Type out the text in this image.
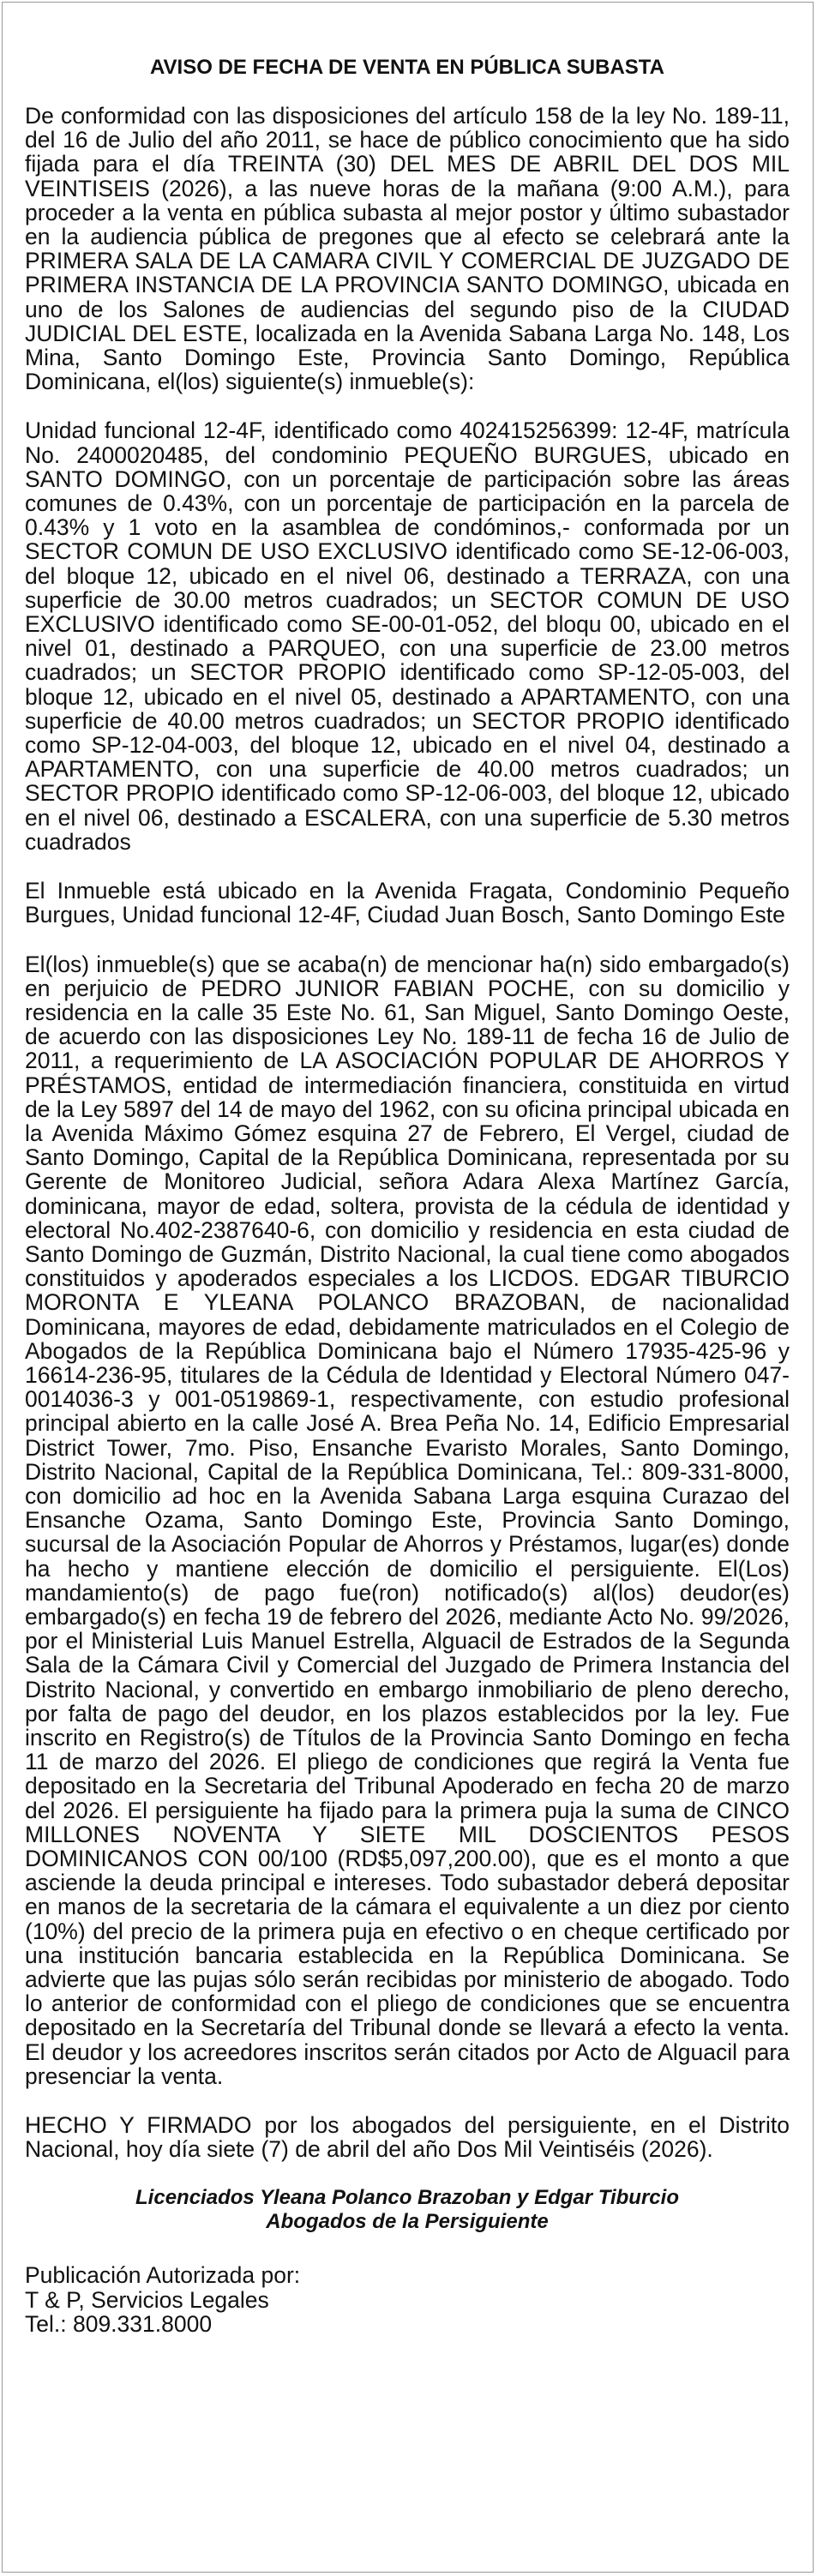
AVISO DE FECHA DE VENTA EN PÚBLICA SUBASTA

De conformidad con las disposiciones del artículo 158 de la ley No. 189-11, del 16 de Julio del año 2011, se hace de público conocimiento que ha sido fijada para el día TREINTA (30) DEL MES DE ABRIL DEL DOS MIL VEINTISEIS (2026), a las nueve horas de la mañana (9:00 A.M.), para proceder a la venta en pública subasta al mejor postor y último subastador en la audiencia pública de pregones que al efecto se celebrará ante la PRIMERA SALA DE LA CAMARA CIVIL Y COMERCIAL DE JUZGADO DE PRIMERA INSTANCIA DE LA PROVINCIA SANTO DOMINGO, ubicada en uno de los Salones de audiencias del segundo piso de la CIUDAD JUDICIAL DEL ESTE, localizada en la Avenida Sabana Larga No. 148, Los Mina, Santo Domingo Este, Provincia Santo Domingo, República Dominicana, el(los) siguiente(s) inmueble(s):

Unidad funcional 12-4F, identificado como 402415256399: 12-4F, matrícula No. 2400020485, del condominio PEQUEÑO BURGUES, ubicado en SANTO DOMINGO, con un porcentaje de participación sobre las áreas comunes de 0.43%, con un porcentaje de participación en la parcela de 0.43% y 1 voto en la asamblea de condóminos,- conformada por un SECTOR COMUN DE USO EXCLUSIVO identificado como SE-12-06-003, del bloque 12, ubicado en el nivel 06, destinado a TERRAZA, con una superficie de 30.00 metros cuadrados; un SECTOR COMUN DE USO EXCLUSIVO identificado como SE-00-01-052, del bloqu 00, ubicado en el nivel 01, destinado a PARQUEO, con una superficie de 23.00 metros cuadrados; un SECTOR PROPIO identificado como SP-12-05-003, del bloque 12, ubicado en el nivel 05, destinado a APARTAMENTO, con una superficie de 40.00 metros cuadrados; un SECTOR PROPIO identificado como SP-12-04-003, del bloque 12, ubicado en el nivel 04, destinado a APARTAMENTO, con una superficie de 40.00 metros cuadrados; un SECTOR PROPIO identificado como SP-12-06-003, del bloque 12, ubicado en el nivel 06, destinado a ESCALERA, con una superficie de 5.30 metros cuadrados

El Inmueble está ubicado en la Avenida Fragata, Condominio Pequeño Burgues, Unidad funcional 12-4F, Ciudad Juan Bosch, Santo Domingo Este

El(los) inmueble(s) que se acaba(n) de mencionar ha(n) sido embargado(s) en perjuicio de PEDRO JUNIOR FABIAN POCHE, con su domicilio y residencia en la calle 35 Este No. 61, San Miguel, Santo Domingo Oeste, de acuerdo con las disposiciones Ley No. 189-11 de fecha 16 de Julio de 2011, a requerimiento de LA ASOCIACIÓN POPULAR DE AHORROS Y PRÉSTAMOS, entidad de intermediación financiera, constituida en virtud de la Ley 5897 del 14 de mayo del 1962, con su oficina principal ubicada en la Avenida Máximo Gómez esquina 27 de Febrero, El Vergel, ciudad de Santo Domingo, Capital de la República Dominicana, representada por su Gerente de Monitoreo Judicial, señora Adara Alexa Martínez García, dominicana, mayor de edad, soltera, provista de la cédula de identidad y electoral No.402-2387640-6, con domicilio y residencia en esta ciudad de Santo Domingo de Guzmán, Distrito Nacional, la cual tiene como abogados constituidos y apoderados especiales a los LICDOS. EDGAR TIBURCIO MORONTA E YLEANA POLANCO BRAZOBAN, de nacionalidad Dominicana, mayores de edad, debidamente matriculados en el Colegio de Abogados de la República Dominicana bajo el Número 17935-425-96 y 16614-236-95, titulares de la Cédula de Identidad y Electoral Número 047-0014036-3 y 001-0519869-1, respectivamente, con estudio profesional principal abierto en la calle José A. Brea Peña No. 14, Edificio Empresarial District Tower, 7mo. Piso, Ensanche Evaristo Morales, Santo Domingo, Distrito Nacional, Capital de la República Dominicana, Tel.: 809-331-8000, con domicilio ad hoc en la Avenida Sabana Larga esquina Curazao del Ensanche Ozama, Santo Domingo Este, Provincia Santo Domingo, sucursal de la Asociación Popular de Ahorros y Préstamos, lugar(es) donde ha hecho y mantiene elección de domicilio el persiguiente. El(Los) mandamiento(s) de pago fue(ron) notificado(s) al(los) deudor(es) embargado(s) en fecha 19 de febrero del 2026, mediante Acto No. 99/2026, por el Ministerial Luis Manuel Estrella, Alguacil de Estrados de la Segunda Sala de la Cámara Civil y Comercial del Juzgado de Primera Instancia del Distrito Nacional, y convertido en embargo inmobiliario de pleno derecho, por falta de pago del deudor, en los plazos establecidos por la ley. Fue inscrito en Registro(s) de Títulos de la Provincia Santo Domingo en fecha 11 de marzo del 2026. El pliego de condiciones que regirá la Venta fue depositado en la Secretaria del Tribunal Apoderado en fecha 20 de marzo del 2026. El persiguiente ha fijado para la primera puja la suma de CINCO MILLONES NOVENTA Y SIETE MIL DOSCIENTOS PESOS DOMINICANOS CON 00/100 (RD$5,097,200.00), que es el monto a que asciende la deuda principal e intereses. Todo subastador deberá depositar en manos de la secretaria de la cámara el equivalente a un diez por ciento (10%) del precio de la primera puja en efectivo o en cheque certificado por una institución bancaria establecida en la República Dominicana. Se advierte que las pujas sólo serán recibidas por ministerio de abogado. Todo lo anterior de conformidad con el pliego de condiciones que se encuentra depositado en la Secretaría del Tribunal donde se llevará a efecto la venta. El deudor y los acreedores inscritos serán citados por Acto de Alguacil para presenciar la venta.

HECHO Y FIRMADO por los abogados del persiguiente, en el Distrito Nacional, hoy día siete (7) de abril del año Dos Mil Veintiséis (2026).

Licenciados Yleana Polanco Brazoban y Edgar Tiburcio
Abogados de la Persiguiente
Publicación Autorizada por:
T & P, Servicios Legales
Tel.: 809.331.8000
